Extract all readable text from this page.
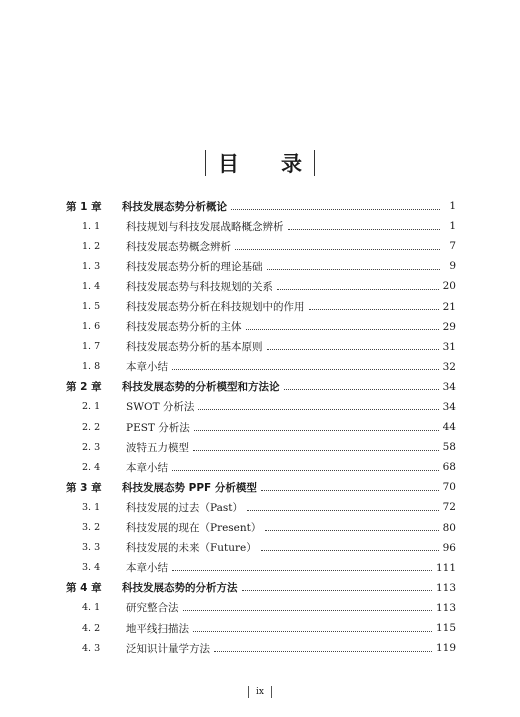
目 录
第 1 章	科技发展态势分析概论	1
1. 1	科技规划与科技发展战略概念辨析	1
1. 2	科技发展态势概念辨析	7
1. 3	科技发展态势分析的理论基础	9
1. 4	科技发展态势与科技规划的关系	20
1. 5	科技发展态势分析在科技规划中的作用	21
1. 6	科技发展态势分析的主体	29
1. 7	科技发展态势分析的基本原则	31
1. 8	本章小结	32
第 2 章	科技发展态势的分析模型和方法论	34
2. 1	SWOT 分析法	34
2. 2	PEST 分析法	44
2. 3	波特五力模型	58
2. 4	本章小结	68
第 3 章	科技发展态势 PPF 分析模型	70
3. 1	科技发展的过去（Past）	72
3. 2	科技发展的现在（Present）	80
3. 3	科技发展的未来（Future）	96
3. 4	本章小结	111
第 4 章	科技发展态势的分析方法	113
4. 1	研究整合法	113
4. 2	地平线扫描法	115
4. 3	泛知识计量学方法	119
ix
